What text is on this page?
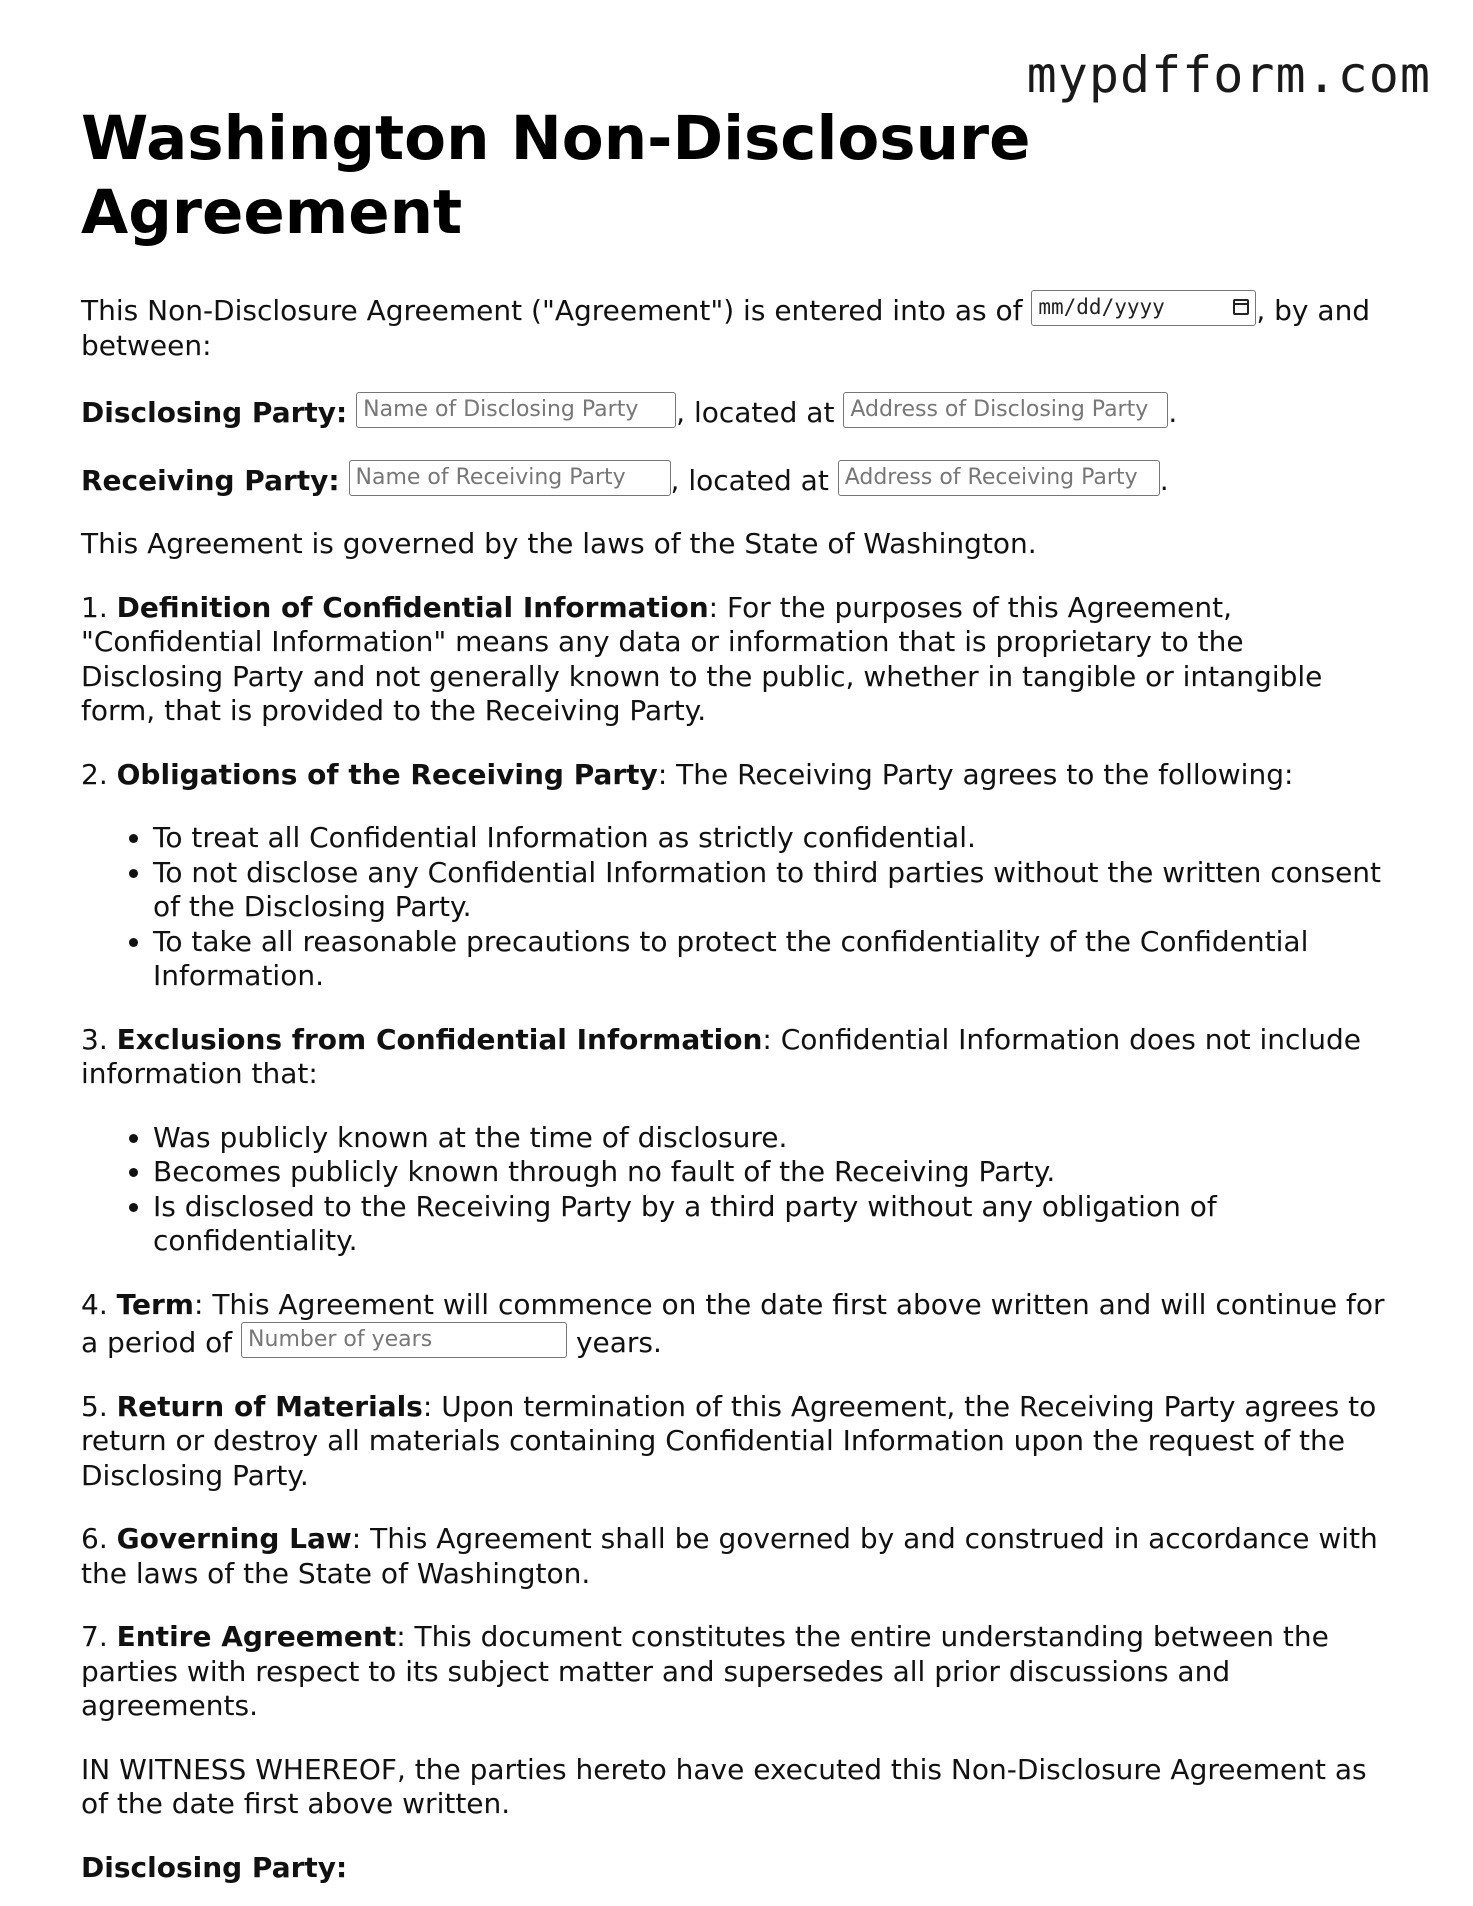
mypdfform.com
Washington Non-Disclosure Agreement

This Non-Disclosure Agreement ("Agreement") is entered into as of mm/dd/yyyy	, by and between:

Disclosing Party: Name of Disclosing Party , located at Address of Disclosing Party .

Receiving Party: Name of Receiving Party , located at Address of Receiving Party .

This Agreement is governed by the laws of the State of Washington.

1. Definition of Confidential Information: For the purposes of this Agreement, "Confidential Information" means any data or information that is proprietary to the Disclosing Party and not generally known to the public, whether in tangible or intangible form, that is provided to the Receiving Party.

2. Obligations of the Receiving Party: The Receiving Party agrees to the following:

• To treat all Confidential Information as strictly confidential.
• To not disclose any Confidential Information to third parties without the written consent of the Disclosing Party.
• To take all reasonable precautions to protect the confidentiality of the Confidential Information.

3. Exclusions from Confidential Information: Confidential Information does not include information that:

• Was publicly known at the time of disclosure.
• Becomes publicly known through no fault of the Receiving Party.
• Is disclosed to the Receiving Party by a third party without any obligation of confidentiality.

4. Term: This Agreement will commence on the date first above written and will continue for a period of Number of years	years.

5. Return of Materials: Upon termination of this Agreement, the Receiving Party agrees to return or destroy all materials containing Confidential Information upon the request of the Disclosing Party.

6. Governing Law: This Agreement shall be governed by and construed in accordance with the laws of the State of Washington.

7. Entire Agreement: This document constitutes the entire understanding between the parties with respect to its subject matter and supersedes all prior discussions and agreements.

IN WITNESS WHEREOF, the parties hereto have executed this Non-Disclosure Agreement as of the date first above written.

Disclosing Party:
